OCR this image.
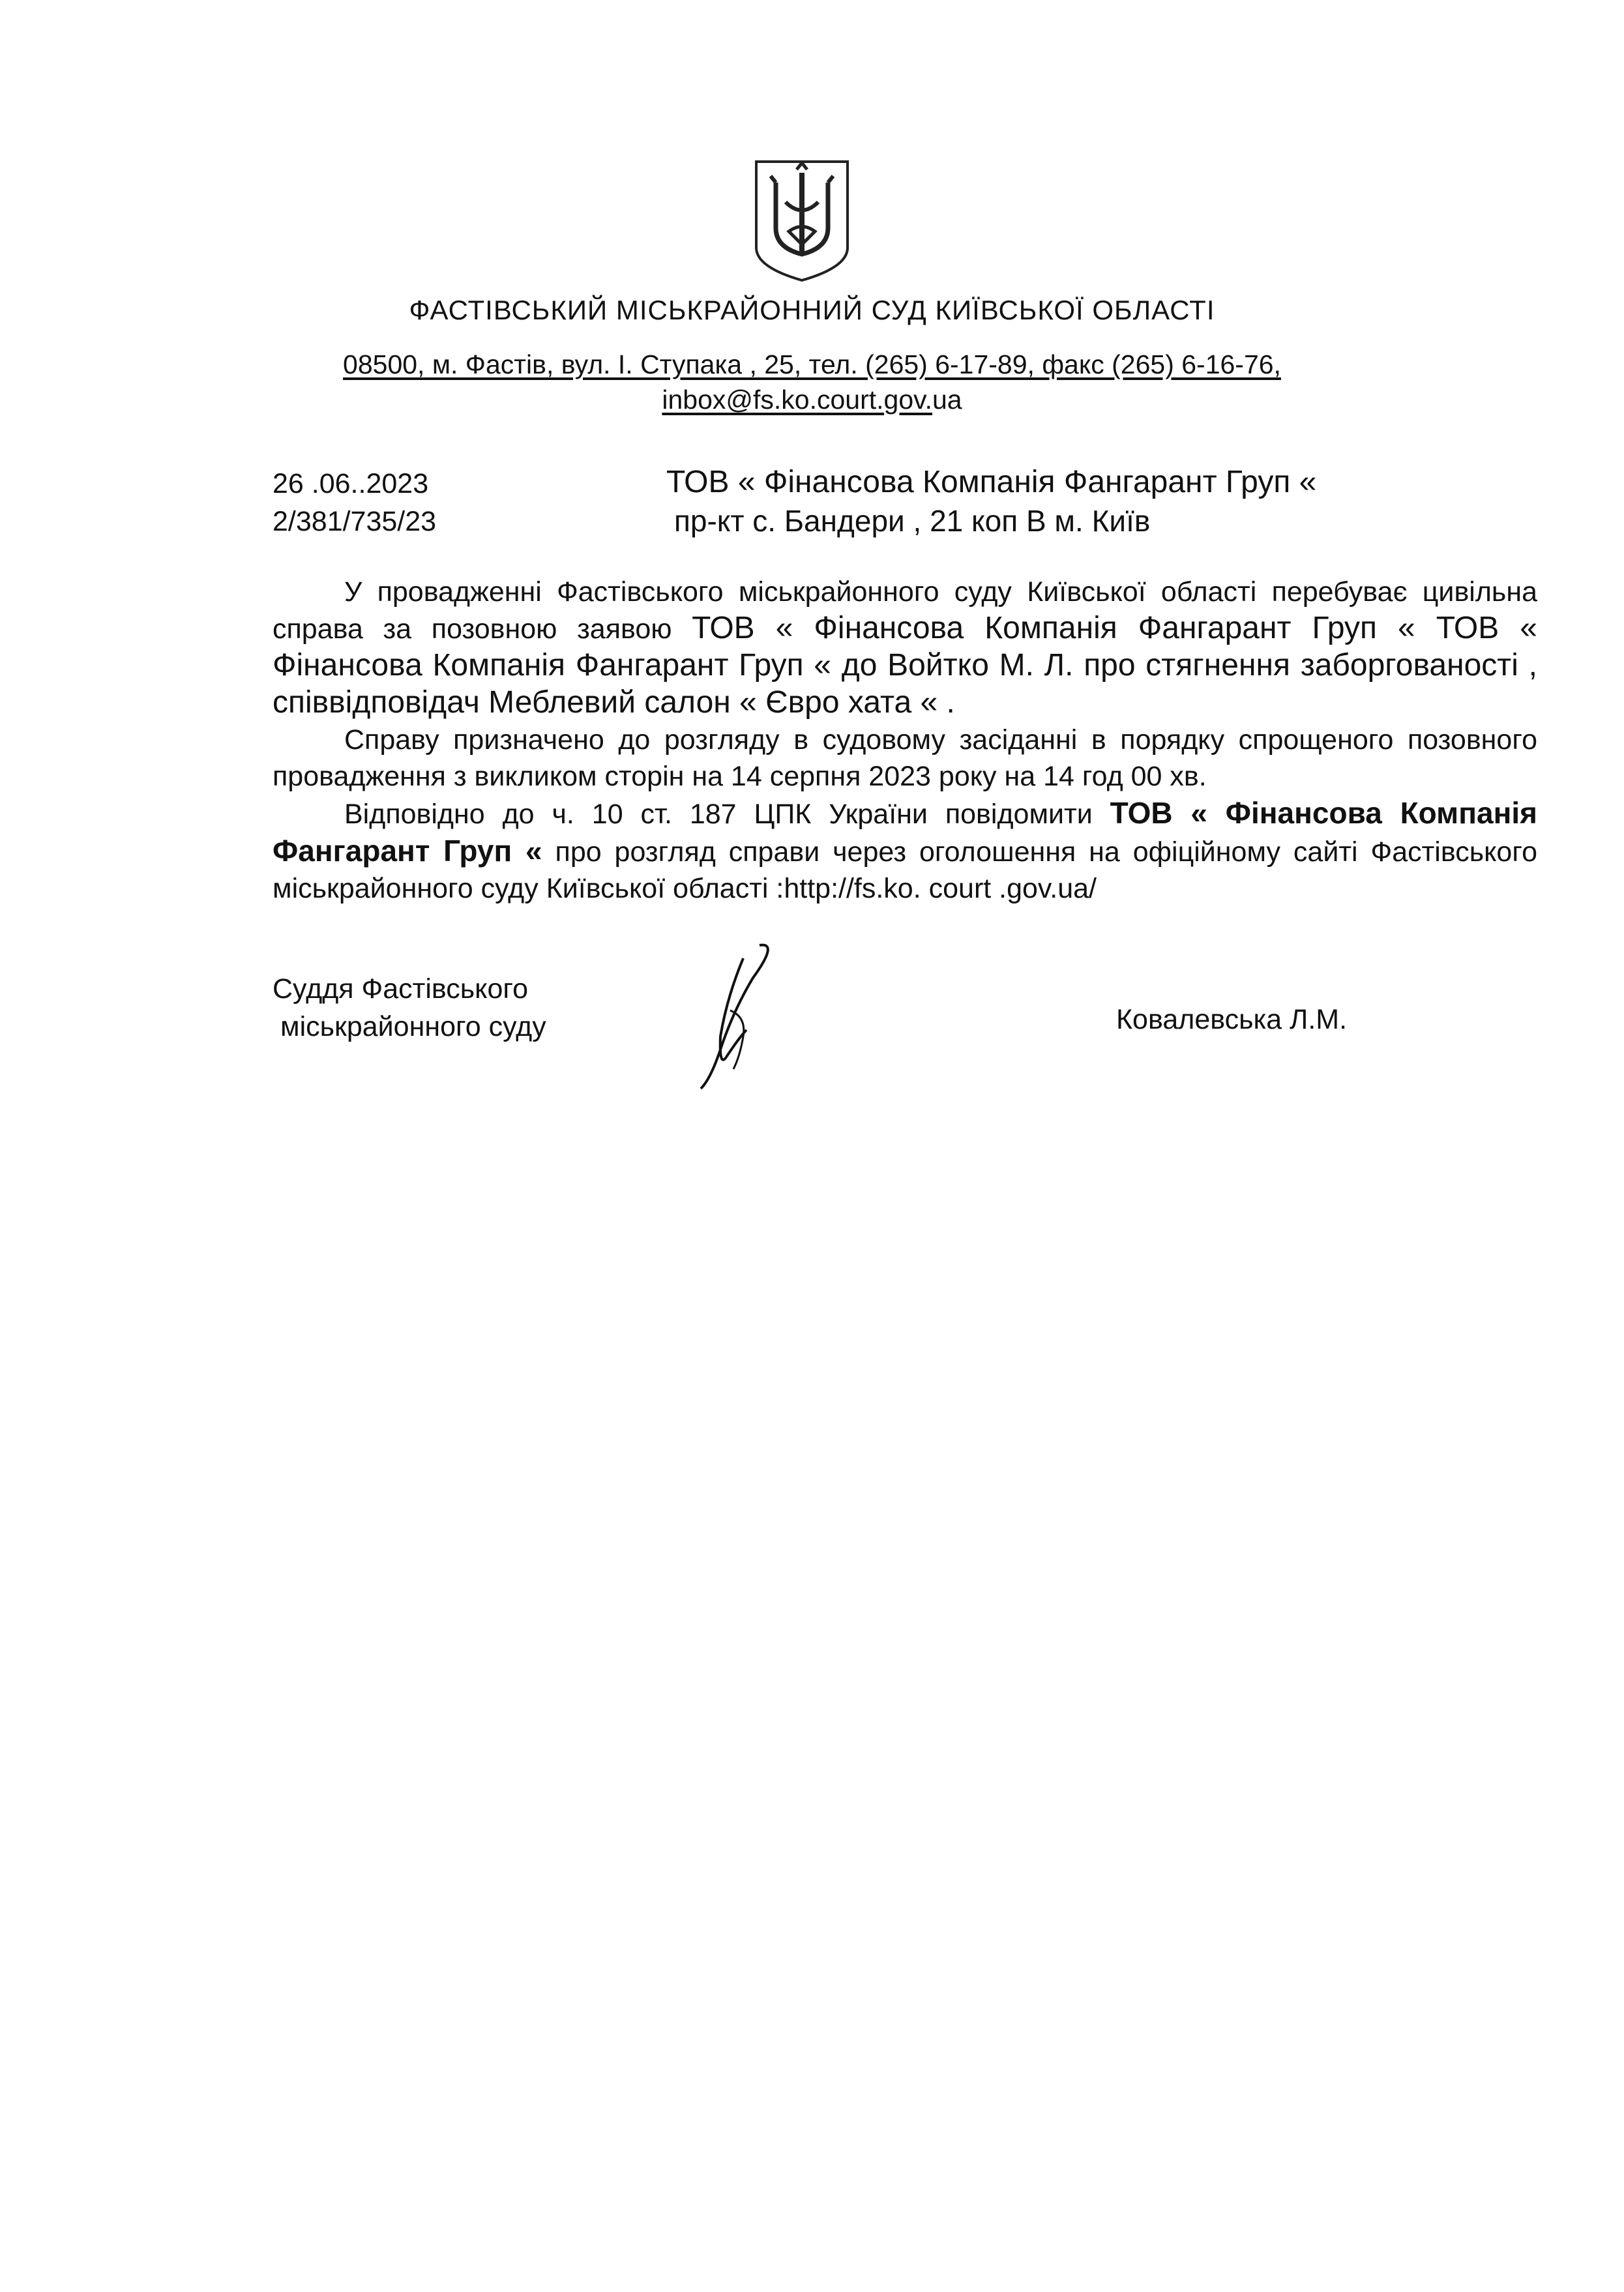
ФАСТІВСЬКИЙ МІСЬКРАЙОННИЙ СУД КИЇВСЬКОЇ ОБЛАСТІ
08500, м. Фастів, вул. І. Ступака , 25, тел. (265) 6-17-89, факс (265) 6-16-76,
inbox@fs.ko.court.gov.ua
26 .06..2023
2/381/735/23
ТОВ « Фінансова Компанія Фангарант Груп «
пр-кт с. Бандери , 21 коп В м. Київ

У провадженні Фастівського міськрайонного суду Київської області перебуває цивільна справа за позовною заявою ТОВ « Фінансова Компанія Фангарант Груп « ТОВ « Фінансова Компанія Фангарант Груп « до Войтко М. Л. про стягнення заборгованості , співвідповідач Меблевий салон « Євро хата « .

Справу призначено до розгляду в судовому засіданні в порядку спрощеного позовного провадження з викликом сторін на 14 серпня 2023 року на 14 год 00 хв.

Відповідно до ч. 10 ст. 187 ЦПК України повідомити ТОВ « Фінансова Компанія Фангарант Груп « про розгляд справи через оголошення на офіційному сайті Фастівського міськрайонного суду Київської області :http://fs.ko. court .gov.ua/

Суддя Фастівського
міськрайонного суду	Ковалевська Л.М.
